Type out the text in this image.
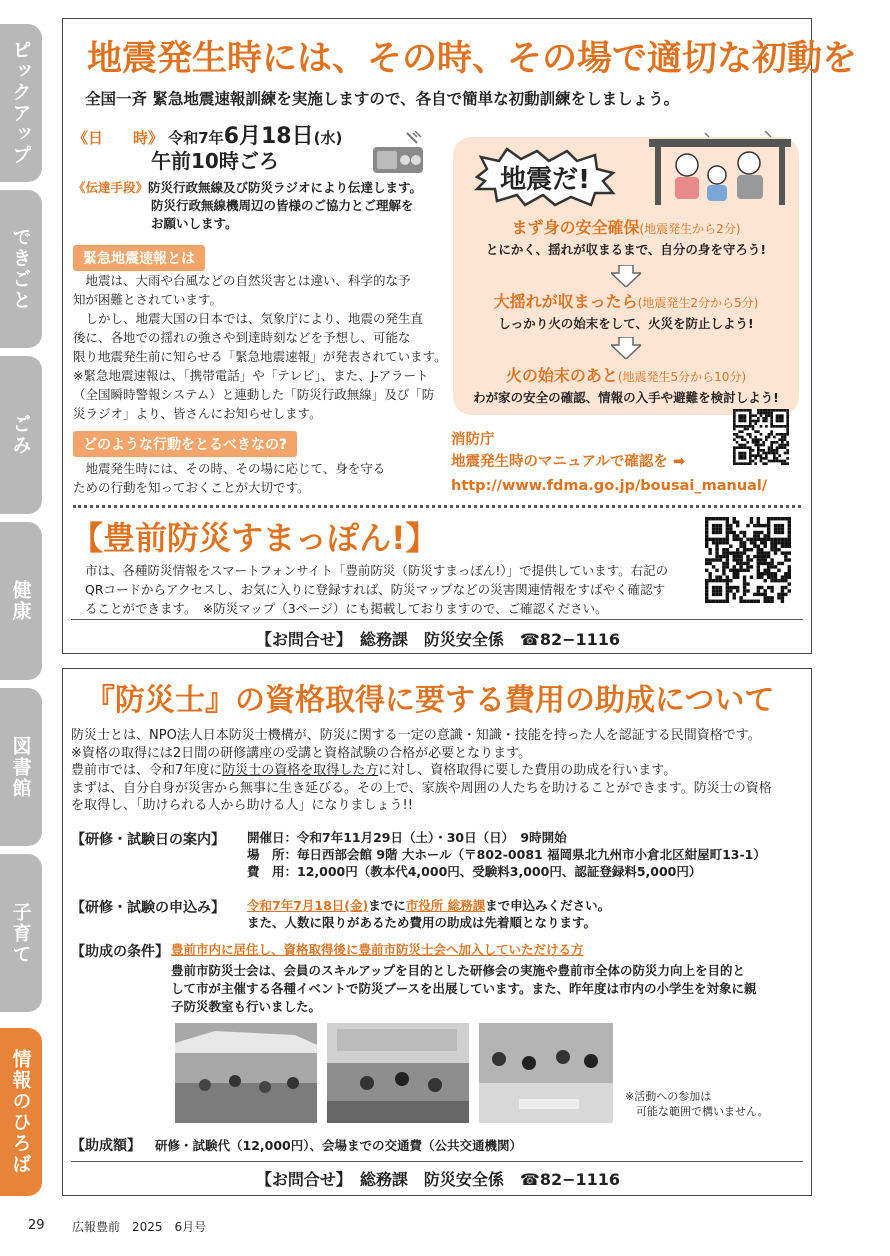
ピックアップ
できごと
ごみ
健康
図書館
子育て
情報のひろば
地震発生時には、その時、その場で適切な初動を
全国一斉 緊急地震速報訓練を実施しますので、各自で簡単な初動訓練をしましょう。
《日　　時》 令和7年6月18日(水)
午前10時ごろ
《伝達手段》防災行政無線及び防災ラジオにより伝達します。
防災行政無線機周辺の皆様のご協力とご理解を
お願いします。
緊急地震速報とは
　地震は、大雨や台風などの自然災害とは違い、科学的な予
知が困難とされています。
　しかし、地震大国の日本では、気象庁により、地震の発生直
後に、各地での揺れの強さや到達時刻などを予想し、可能な
限り地震発生前に知らせる「緊急地震速報」が発表されています。
※緊急地震速報は、「携帯電話」や「テレビ」、また、J-アラート
（全国瞬時警報システム）と連動した「防災行政無線」及び「防
災ラジオ」より、皆さんにお知らせします。
どのような行動をとるべきなの?
　地震発生時には、その時、その場に応じて、身を守る
ための行動を知っておくことが大切です。
地震だ!
まず身の安全確保(地震発生から2分)
とにかく、揺れが収まるまで、自分の身を守ろう!
大揺れが収まったら(地震発生2分から5分)
しっかり火の始末をして、火災を防止しよう!
火の始末のあと(地震発生5分から10分)
わが家の安全の確認、情報の入手や避難を検討しよう!
消防庁
地震発生時のマニュアルで確認を ➡
http://www.fdma.go.jp/bousai_manual/
【豊前防災すまっぽん!】
市は、各種防災情報をスマートフォンサイト「豊前防災（防災すまっぽん!）」で提供しています。右記の
QRコードからアクセスし、お気に入りに登録すれば、防災マップなどの災害関連情報をすばやく確認す
ることができます。　※防災マップ（3ページ）にも掲載しておりますので、ご確認ください。
【お問合せ】　総務課　防災安全係　☎82−1116
『防災士』の資格取得に要する費用の助成について
防災士とは、NPO法人日本防災士機構が、防災に関する一定の意識・知識・技能を持った人を認証する民間資格です。
※資格の取得には2日間の研修講座の受講と資格試験の合格が必要となります。
豊前市では、令和7年度に防災士の資格を取得した方に対し、資格取得に要した費用の助成を行います。
まずは、自分自身が災害から無事に生き延びる。その上で、家族や周囲の人たちを助けることができます。防災士の資格
を取得し、「助けられる人から助ける人」になりましょう!!
【研修・試験日の案内】 開催日：令和7年11月29日（土）・30日（日）　9時開始
場　所：毎日西部会館 9階 大ホール（〒802-0081 福岡県北九州市小倉北区紺屋町13-1）
費　用：12,000円（教本代4,000円、受験料3,000円、認証登録料5,000円）
【研修・試験の申込み】 令和7年7月18日(金)までに市役所 総務課まで申込みください。
また、人数に限りがあるため費用の助成は先着順となります。
【助成の条件】 豊前市内に居住し、資格取得後に豊前市防災士会へ加入していただける方
豊前市防災士会は、会員のスキルアップを目的とした研修会の実施や豊前市全体の防災力向上を目的と
して市が主催する各種イベントで防災ブースを出展しています。また、昨年度は市内の小学生を対象に親
子防災教室も行いました。
※活動への参加は
　可能な範囲で構いません。
【助成額】 研修・試験代（12,000円）、会場までの交通費（公共交通機関）
【お問合せ】　総務課　防災安全係　☎82−1116
29 広報豊前　2025　6月号
